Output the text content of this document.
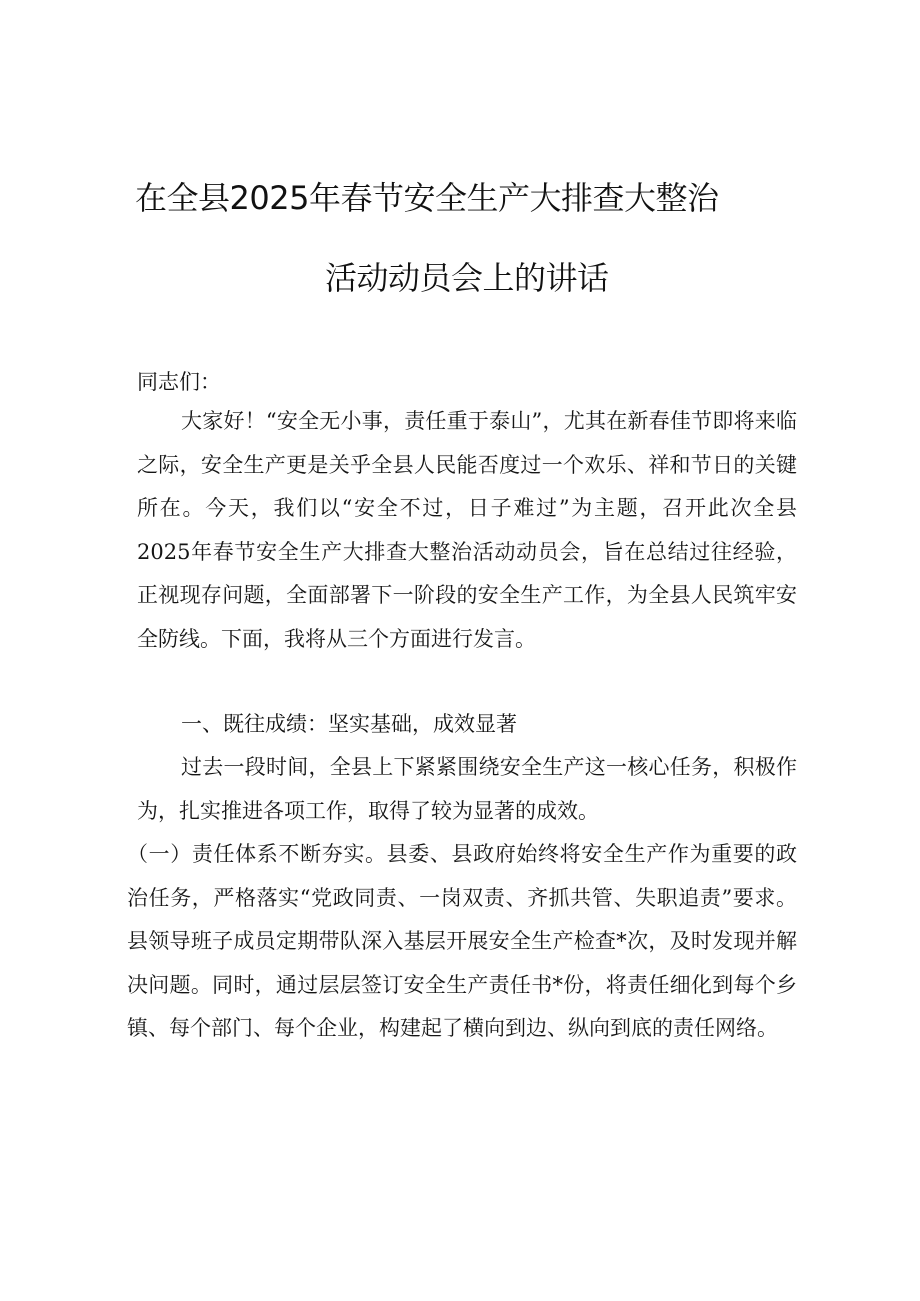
在全县2025年春节安全生产大排查大整治
活动动员会上的讲话
同志们：
大家好！“安全无小事，责任重于泰山”，尤其在新春佳节即将来临之际，安全生产更是关乎全县人民能否度过一个欢乐、祥和节日的关键所在。今天，我们以“安全不过，日子难过”为主题，召开此次全县2025年春节安全生产大排查大整治活动动员会，旨在总结过往经验，正视现存问题，全面部署下一阶段的安全生产工作，为全县人民筑牢安全防线。下面，我将从三个方面进行发言。
一、既往成绩：坚实基础，成效显著
过去一段时间，全县上下紧紧围绕安全生产这一核心任务，积极作为，扎实推进各项工作，取得了较为显著的成效。
（一）责任体系不断夯实。县委、县政府始终将安全生产作为重要的政治任务，严格落实“党政同责、一岗双责、齐抓共管、失职追责”要求。县领导班子成员定期带队深入基层开展安全生产检查*次，及时发现并解决问题。同时，通过层层签订安全生产责任书*份，将责任细化到每个乡镇、每个部门、每个企业，构建起了横向到边、纵向到底的责任网络。
